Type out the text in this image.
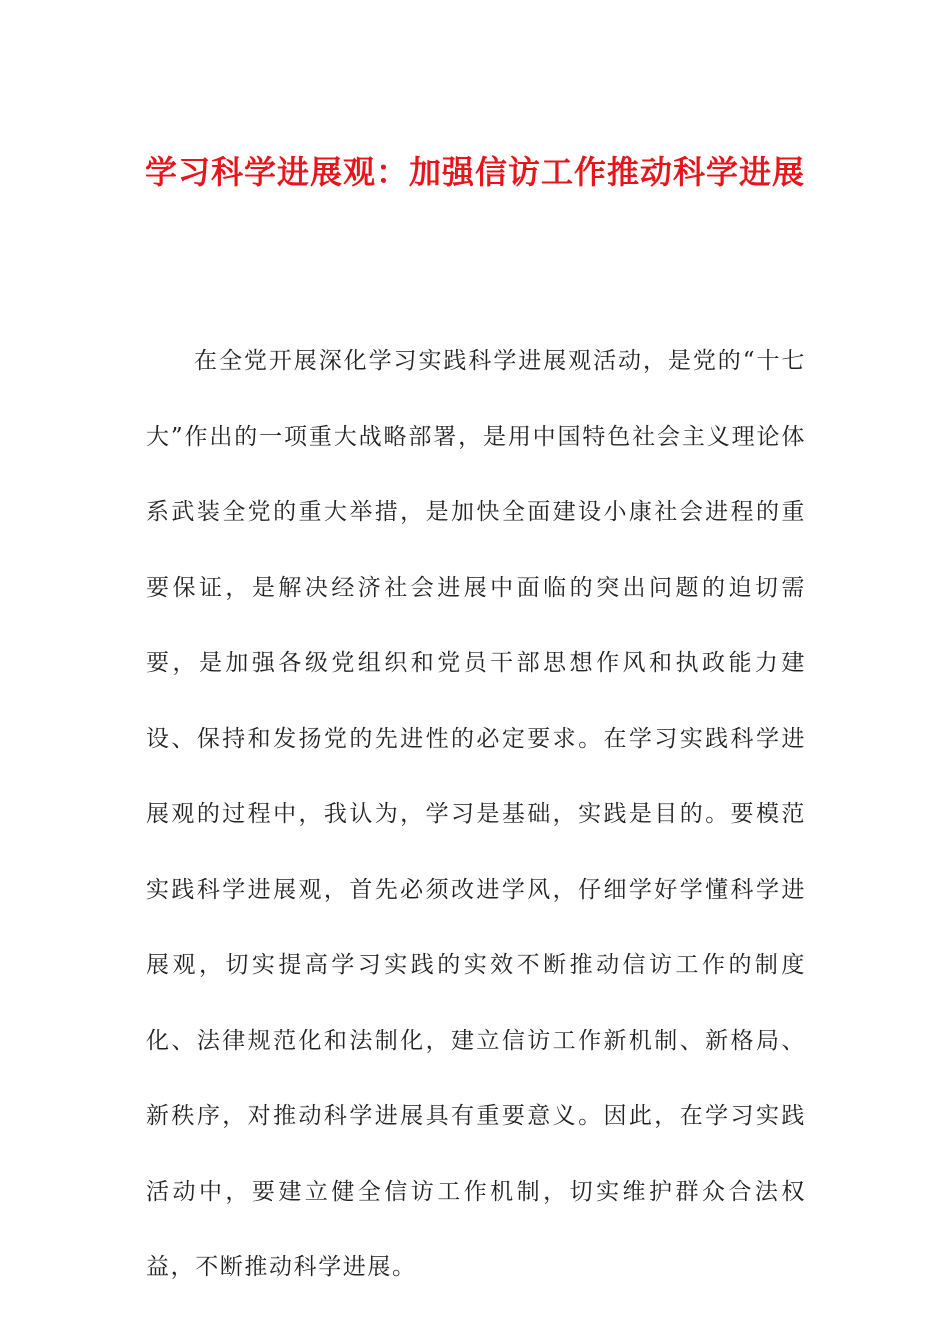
学习科学进展观：加强信访工作推动科学进展

在全党开展深化学习实践科学进展观活动，是党的“十七大”作出的一项重大战略部署，是用中国特色社会主义理论体系武装全党的重大举措，是加快全面建设小康社会进程的重要保证，是解决经济社会进展中面临的突出问题的迫切需要，是加强各级党组织和党员干部思想作风和执政能力建设、保持和发扬党的先进性的必定要求。在学习实践科学进展观的过程中，我认为，学习是基础，实践是目的。要模范实践科学进展观，首先必须改进学风，仔细学好学懂科学进展观，切实提高学习实践的实效不断推动信访工作的制度化、法律规范化和法制化，建立信访工作新机制、新格局、新秩序，对推动科学进展具有重要意义。因此，在学习实践活动中，要建立健全信访工作机制，切实维护群众合法权益，不断推动科学进展。
